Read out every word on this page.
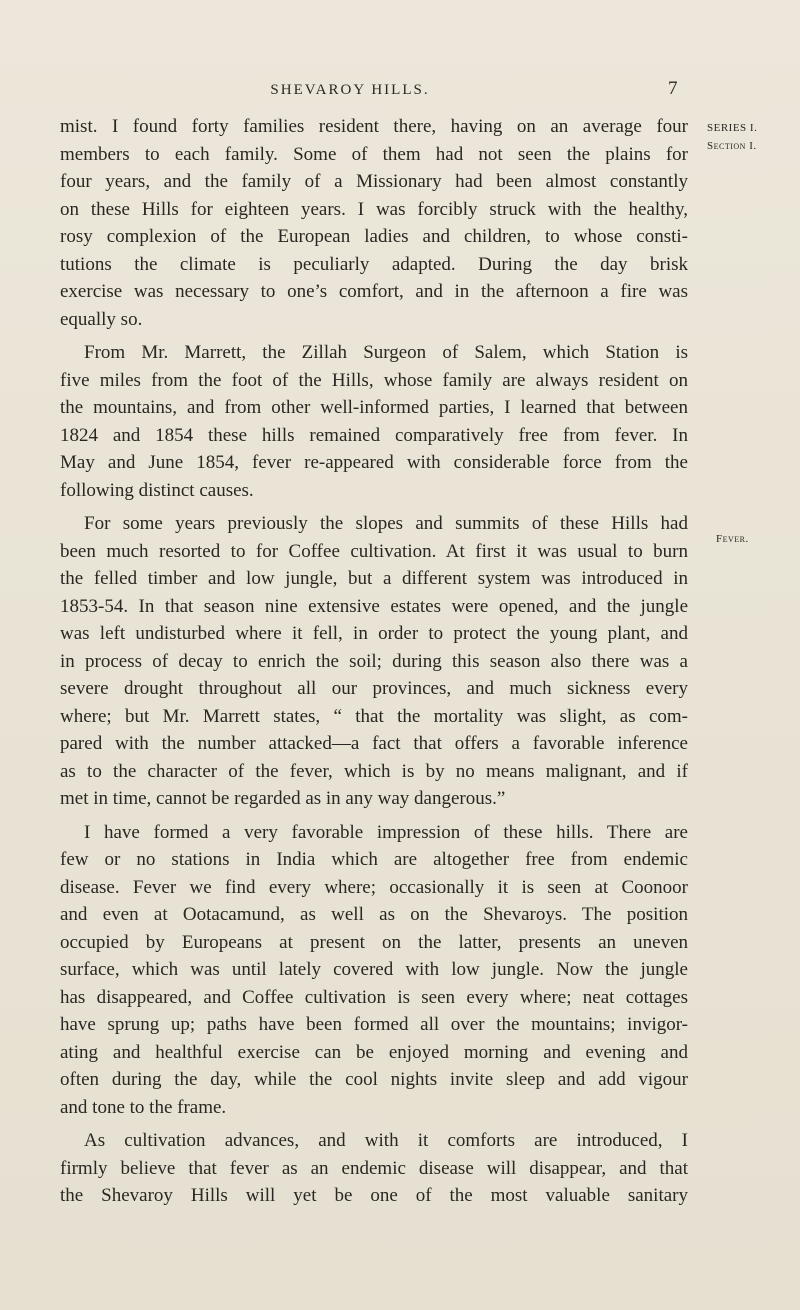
SHEVAROY HILLS.	7
SERIES I.
Section I.
Fever.
mist. I found forty families resident there, having on an average four
members to each family. Some of them had not seen the plains for
four years, and the family of a Missionary had been almost constantly
on these Hills for eighteen years. I was forcibly struck with the healthy,
rosy complexion of the European ladies and children, to whose consti-
tutions the climate is peculiarly adapted. During the day brisk
exercise was necessary to one’s comfort, and in the afternoon a fire was
equally so.
From Mr. Marrett, the Zillah Surgeon of Salem, which Station is
five miles from the foot of the Hills, whose family are always resident on
the mountains, and from other well-informed parties, I learned that between
1824 and 1854 these hills remained comparatively free from fever. In
May and June 1854, fever re-appeared with considerable force from the
following distinct causes.
For some years previously the slopes and summits of these Hills had
been much resorted to for Coffee cultivation. At first it was usual to burn
the felled timber and low jungle, but a different system was introduced in
1853-54. In that season nine extensive estates were opened, and the jungle
was left undisturbed where it fell, in order to protect the young plant, and
in process of decay to enrich the soil; during this season also there was a
severe drought throughout all our provinces, and much sickness every
where; but Mr. Marrett states, “ that the mortality was slight, as com-
pared with the number attacked—a fact that offers a favorable inference
as to the character of the fever, which is by no means malignant, and if
met in time, cannot be regarded as in any way dangerous.”
I have formed a very favorable impression of these hills. There are
few or no stations in India which are altogether free from endemic
disease. Fever we find every where; occasionally it is seen at Coonoor
and even at Ootacamund, as well as on the Shevaroys. The position
occupied by Europeans at present on the latter, presents an uneven
surface, which was until lately covered with low jungle. Now the jungle
has disappeared, and Coffee cultivation is seen every where; neat cottages
have sprung up; paths have been formed all over the mountains; invigor-
ating and healthful exercise can be enjoyed morning and evening and
often during the day, while the cool nights invite sleep and add vigour
and tone to the frame.
As cultivation advances, and with it comforts are introduced, I
firmly believe that fever as an endemic disease will disappear, and that
the Shevaroy Hills will yet be one of the most valuable sanitary
